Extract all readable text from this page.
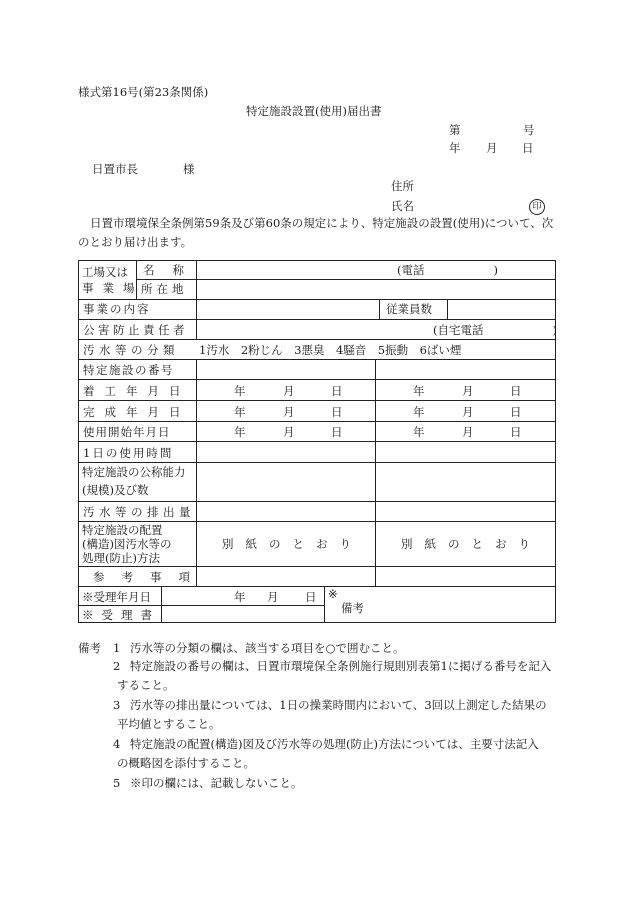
様式第16号(第23条関係)
特定施設設置(使用)届出書
第	号
年 月 日
日置市長	様
住所
氏名	印
日置市環境保全条例第59条及び第60条の規定により、特定施設の設置(使用)について、次
のとおり届け出ます。
工場又は
事業場
名称	(電話　　　　　　)
所在地
事業の内容	従業員数
公害防止責任者	(自宅電話　　　　　　)
汚水等の分類 1汚水　2粉じん　3悪臭　4騒音　5振動　6ばい煙
特定施設の番号
着工年月日	年	月	日	年	月	日
完成年月日	年	月	日	年	月	日
使用開始年月日	年	月	日	年	月	日
1日の使用時間
特定施設の公称能力
(規模)及び数
汚水等の排出量
特定施設の配置
(構造)図汚水等の
処理(防止)方法
別紙のとおり	別紙のとおり
参考事項
※受理年月日	年 月 日
※受理書
※
備考
備考 1 汚水等の分類の欄は、該当する項目を○で囲むこと。
2 特定施設の番号の欄は、日置市環境保全条例施行規則別表第1に掲げる番号を記入
すること。
3 汚水等の排出量については、1日の操業時間内において、3回以上測定した結果の
平均値とすること。
4 特定施設の配置(構造)図及び汚水等の処理(防止)方法については、主要寸法記入
の概略図を添付すること。
5 ※印の欄には、記載しないこと。
